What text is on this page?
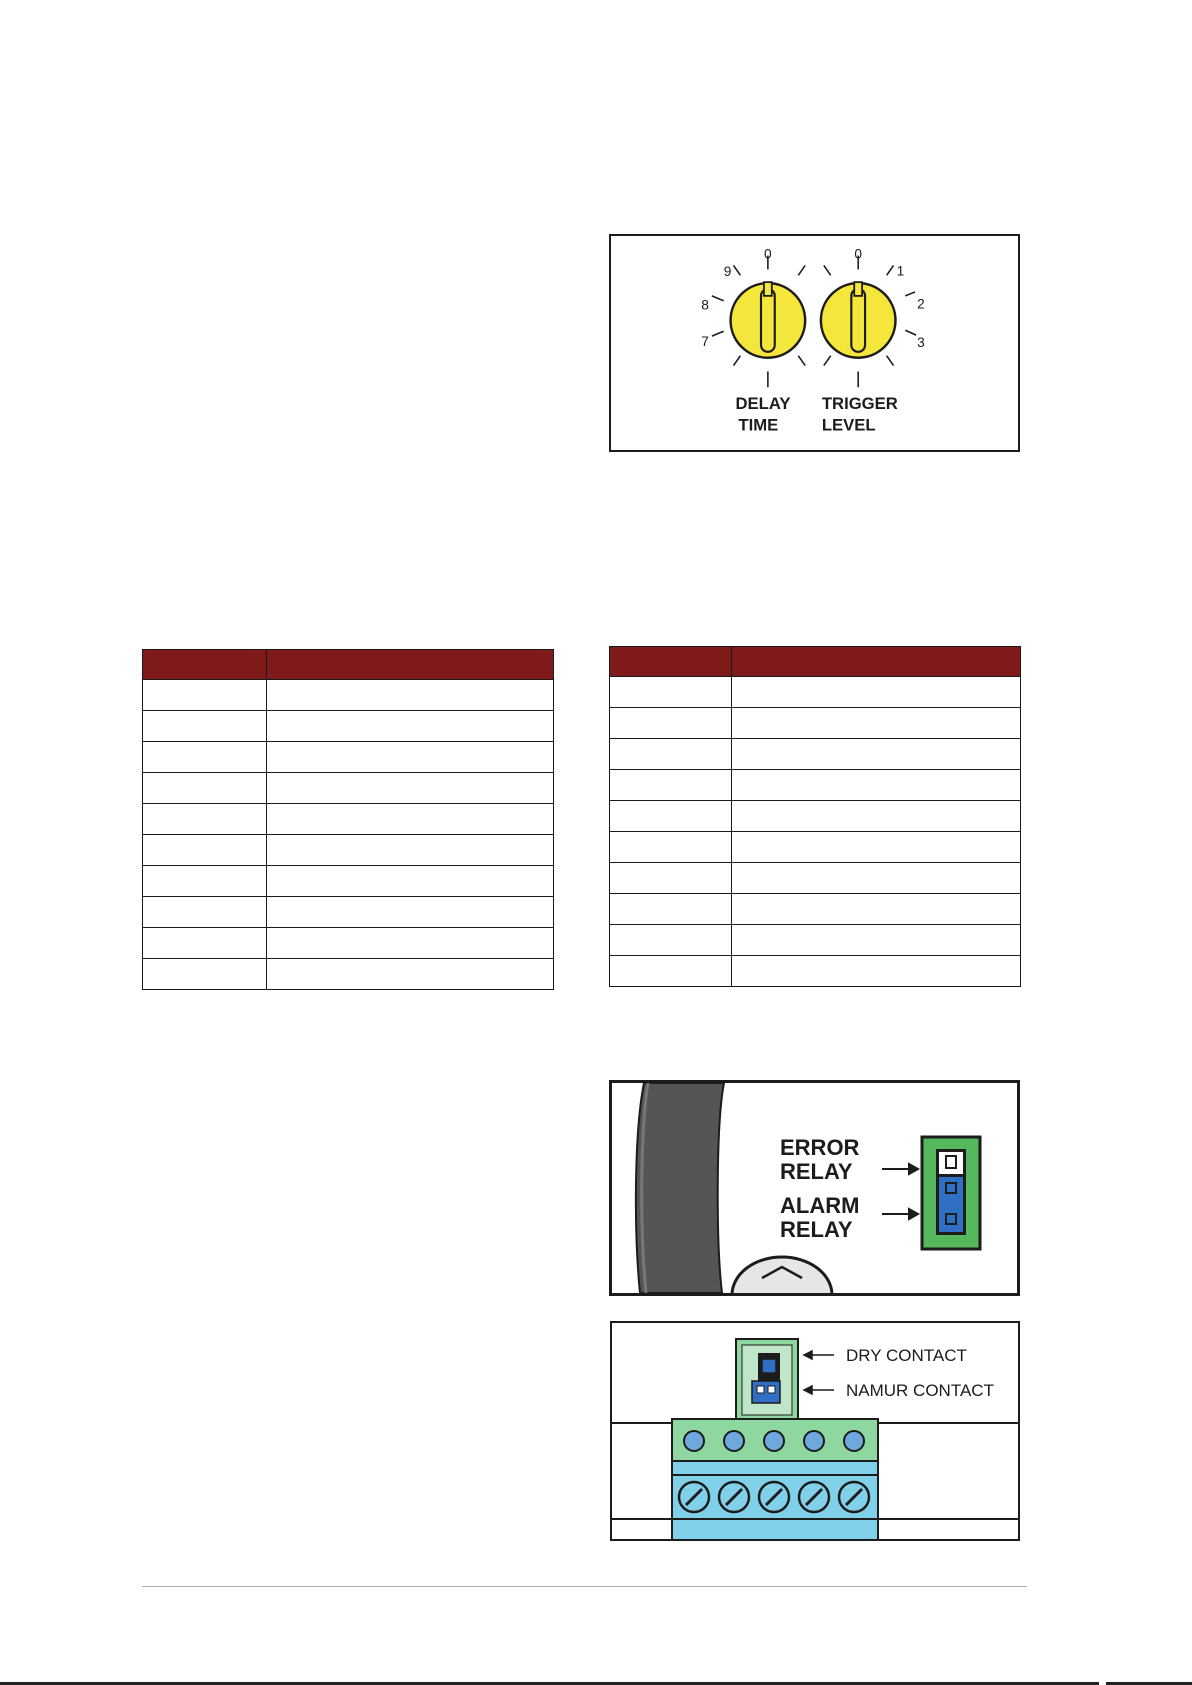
9
0
8
7
0
1
2
3
DELAY
TIME
TRIGGER
LEVEL

ERROR
RELAY
ALARM
RELAY
DRY CONTACT
NAMUR CONTACT
